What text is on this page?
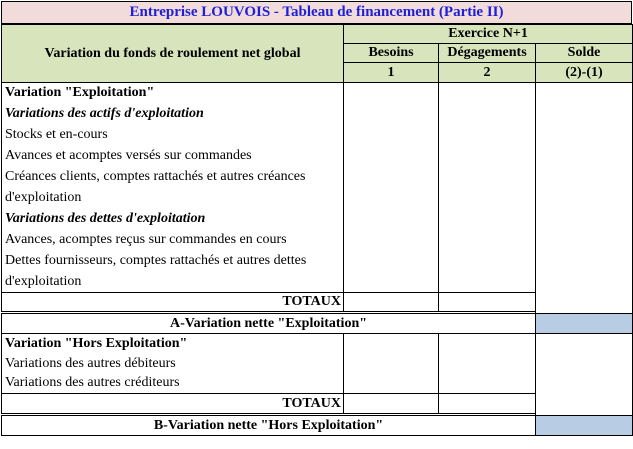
Entreprise LOUVOIS - Tableau de financement (Partie II)
Variation du fonds de roulement net global	Exercice N+1		
	Besoins	Dégagements	Solde
	1	2	(2)-(1)
Variation "Exploitation"			
Variations des actifs d'exploitation			
Stocks et en-cours			
Avances et acomptes versés sur commandes			
Créances clients, comptes rattachés et autres créances			
d'exploitation			
Variations des dettes d'exploitation			
Avances, acomptes reçus sur commandes en cours			
Dettes fournisseurs, comptes rattachés et autres dettes			
d'exploitation			
TOTAUX			

A-Variation nette "Exploitation"			
Variation "Hors Exploitation"			
Variations des autres débiteurs			
Variations des autres créditeurs			
TOTAUX			

B-Variation nette "Hors Exploitation"			
